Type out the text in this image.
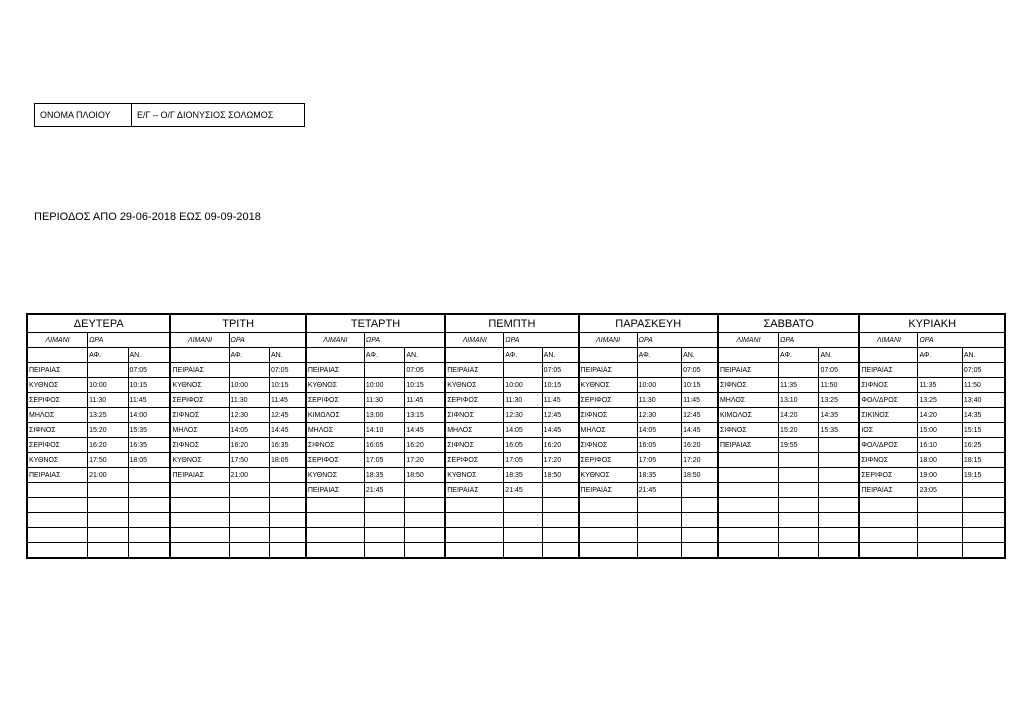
ΟΝΟΜΑ ΠΛΟΙΟΥ	Ε/Γ – Ο/Γ ΔΙΟΝΥΣΙΟΣ ΣΟΛΩΜΟΣ
ΠΕΡΙΟΔΟΣ ΑΠΟ 29-06-2018 ΕΩΣ 09-09-2018
ΔΕΥΤΕΡΑ			ΤΡΙΤΗ			ΤΕΤΑΡΤΗ			ΠΕΜΠΤΗ			ΠΑΡΑΣΚΕΥΗ			ΣΑΒΒΑΤΟ			ΚΥΡΙΑΚΗ		
ΛΙΜΑΝΙ	ΩΡΑ		ΛΙΜΑΝΙ	ΩΡΑ		ΛΙΜΑΝΙ	ΩΡΑ		ΛΙΜΑΝΙ	ΩΡΑ		ΛΙΜΑΝΙ	ΩΡΑ		ΛΙΜΑΝΙ	ΩΡΑ		ΛΙΜΑΝΙ	ΩΡΑ	
	ΑΦ.	ΑΝ.		ΑΦ.	ΑΝ.		ΑΦ.	ΑΝ.		ΑΦ.	ΑΝ.		ΑΦ.	ΑΝ.		ΑΦ.	ΑΝ.		ΑΦ.	ΑΝ.
ΠΕΙΡΑΙΑΣ		07:05	ΠΕΙΡΑΙΑΣ		07:05	ΠΕΙΡΑΙΑΣ		07:05	ΠΕΙΡΑΙΑΣ		07:05	ΠΕΙΡΑΙΑΣ		07:05	ΠΕΙΡΑΙΑΣ		07:05	ΠΕΙΡΑΙΑΣ		07:05
ΚΥΘΝΟΣ	10:00	10:15	ΚΥΘΝΟΣ	10:00	10:15	ΚΥΘΝΟΣ	10:00	10:15	ΚΥΘΝΟΣ	10:00	10:15	ΚΥΘΝΟΣ	10:00	10:15	ΣΙΦΝΟΣ	11:35	11:50	ΣΙΦΝΟΣ	11:35	11:50
ΣΕΡΙΦΟΣ	11:30	11:45	ΣΕΡΙΦΟΣ	11:30	11:45	ΣΕΡΙΦΟΣ	11:30	11:45	ΣΕΡΙΦΟΣ	11:30	11:45	ΣΕΡΙΦΟΣ	11:30	11:45	ΜΗΛΟΣ	13:10	13:25	ΦΟΛ/ΔΡΟΣ	13:25	13:40
ΜΗΛΟΣ	13:25	14:00	ΣΙΦΝΟΣ	12:30	12:45	ΚΙΜΩΛΟΣ	13:00	13:15	ΣΙΦΝΟΣ	12:30	12:45	ΣΙΦΝΟΣ	12:30	12:45	ΚΙΜΩΛΟΣ	14:20	14:35	ΣΙΚΙΝΟΣ	14:20	14:35
ΣΙΦΝΟΣ	15:20	15:35	ΜΗΛΟΣ	14:05	14:45	ΜΗΛΟΣ	14:10	14:45	ΜΗΛΟΣ	14:05	14:45	ΜΗΛΟΣ	14:05	14:45	ΣΙΦΝΟΣ	15:20	15:35	ΙΟΣ	15:00	15:15
ΣΕΡΙΦΟΣ	16:20	16:35	ΣΙΦΝΟΣ	16:20	16:35	ΣΙΦΝΟΣ	16:05	16:20	ΣΙΦΝΟΣ	16:05	16:20	ΣΙΦΝΟΣ	16:05	16:20	ΠΕΙΡΑΙΑΣ	19:55		ΦΟΛ/ΔΡΟΣ	16:10	16:25
ΚΥΘΝΟΣ	17:50	18:05	ΚΥΘΝΟΣ	17:50	18:05	ΣΕΡΙΦΟΣ	17:05	17:20	ΣΕΡΙΦΟΣ	17:05	17:20	ΣΕΡΙΦΟΣ	17:05	17:20				ΣΙΦΝΟΣ	18:00	18:15
ΠΕΙΡΑΙΑΣ	21:00		ΠΕΙΡΑΙΑΣ	21:00		ΚΥΘΝΟΣ	18:35	18:50	ΚΥΘΝΟΣ	18:35	18:50	ΚΥΘΝΟΣ	18:35	18:50				ΣΕΡΙΦΟΣ	19:00	19:15
						ΠΕΙΡΑΙΑΣ	21:45		ΠΕΙΡΑΙΑΣ	21:45		ΠΕΙΡΑΙΑΣ	21:45					ΠΕΙΡΑΙΑΣ	23:05	
